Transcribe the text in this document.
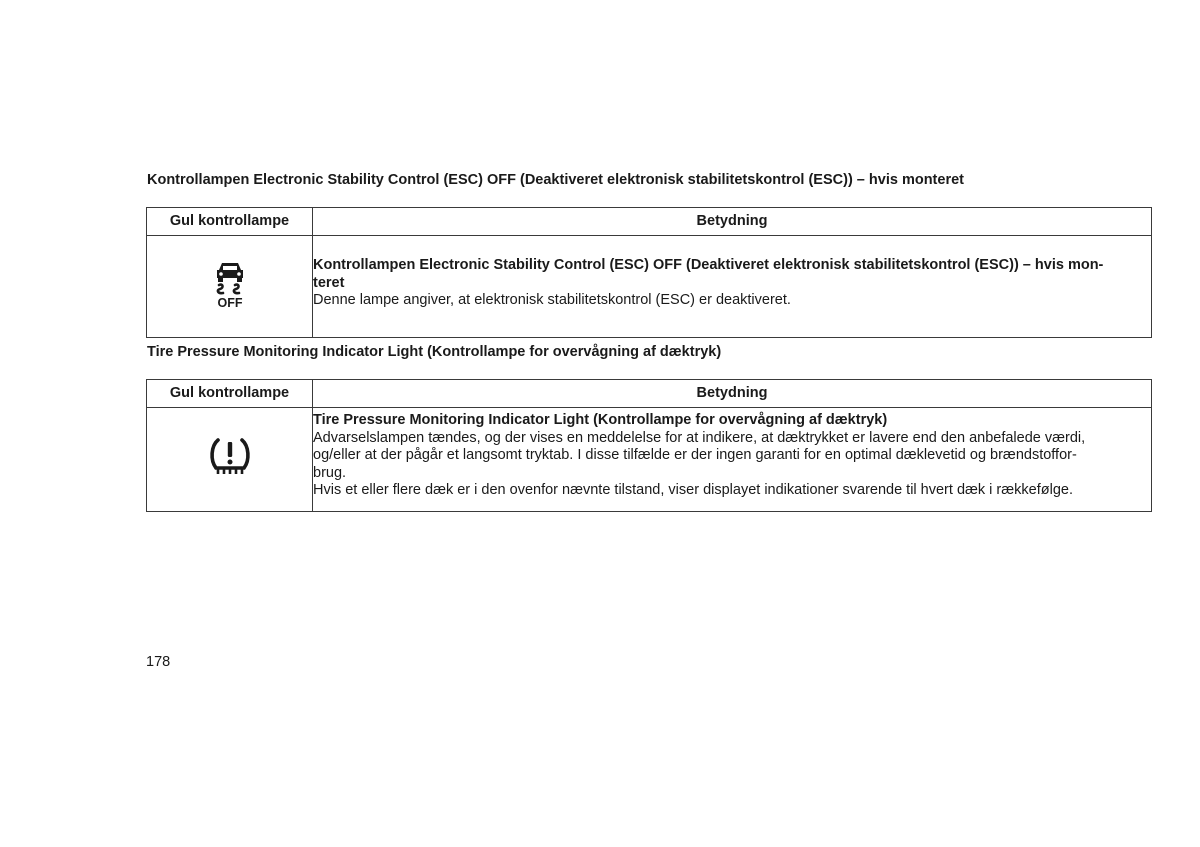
Kontrollampen Electronic Stability Control (ESC) OFF (Deaktiveret elektronisk stabilitetskontrol (ESC)) – hvis monteret
Gul kontrollampe	Betydning

OFF	Kontrollampen Electronic Stability Control (ESC) OFF (Deaktiveret elektronisk stabilitetskontrol (ESC)) – hvis mon-
teret
Denne lampe angiver, at elektronisk stabilitetskontrol (ESC) er deaktiveret.
Tire Pressure Monitoring Indicator Light (Kontrollampe for overvågning af dæktryk)
Gul kontrollampe	Betydning

Tire Pressure Monitoring Indicator Light (Kontrollampe for overvågning af dæktryk)
Advarselslampen tændes, og der vises en meddelelse for at indikere, at dæktrykket er lavere end den anbefalede værdi,
og/eller at der pågår et langsomt tryktab. I disse tilfælde er der ingen garanti for en optimal dæklevetid og brændstoffor-
brug.
Hvis et eller flere dæk er i den ovenfor nævnte tilstand, viser displayet indikationer svarende til hvert dæk i rækkefølge.
178
